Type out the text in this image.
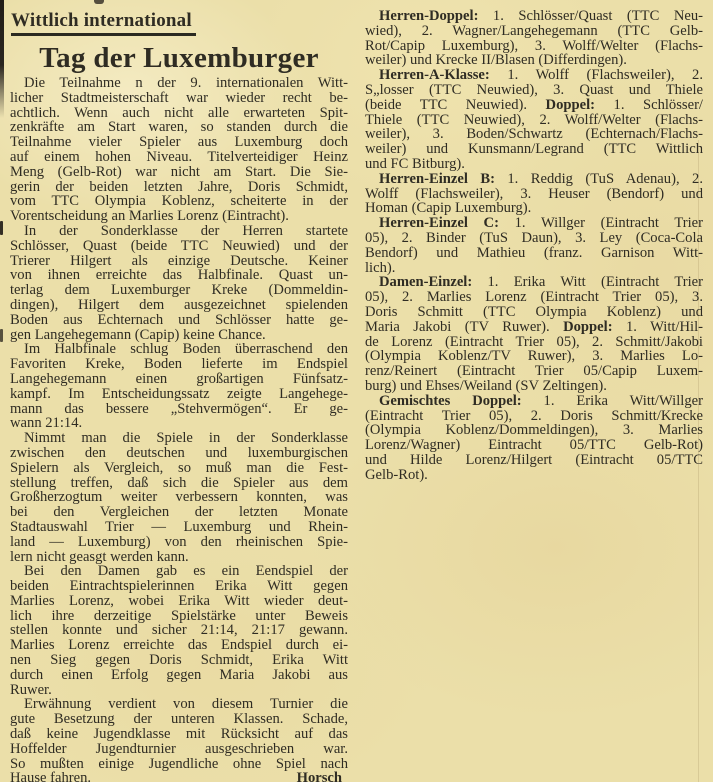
Wittlich international
Tag der Luxemburger
Die Teilnahme n der 9. internationalen Witt-
licher Stadtmeisterschaft war wieder recht be-
achtlich. Wenn auch nicht alle erwarteten Spit-
zenkräfte am Start waren, so standen durch die
Teilnahme vieler Spieler aus Luxemburg doch
auf einem hohen Niveau. Titelverteidiger Heinz
Meng (Gelb-Rot) war nicht am Start. Die Sie-
gerin der beiden letzten Jahre, Doris Schmidt,
vom TTC Olympia Koblenz, scheiterte in der
Vorentscheidung an Marlies Lorenz (Eintracht).
In der Sonderklasse der Herren startete
Schlösser, Quast (beide TTC Neuwied) und der
Trierer Hilgert als einzige Deutsche. Keiner
von ihnen erreichte das Halbfinale. Quast un-
terlag dem Luxemburger Kreke (Dommeldin-
dingen), Hilgert dem ausgezeichnet spielenden
Boden aus Echternach und Schlösser hatte ge-
gen Langehegemann (Capip) keine Chance.
Im Halbfinale schlug Boden überraschend den
Favoriten Kreke, Boden lieferte im Endspiel
Langehegemann einen großartigen Fünfsatz-
kampf. Im Entscheidungssatz zeigte Langehege-
mann das bessere „Stehvermögen“. Er ge-
wann 21:14.
Nimmt man die Spiele in der Sonderklasse
zwischen den deutschen und luxemburgischen
Spielern als Vergleich, so muß man die Fest-
stellung treffen, daß sich die Spieler aus dem
Großherzogtum weiter verbessern konnten, was
bei den Vergleichen der letzten Monate
Stadtauswahl Trier — Luxemburg und Rhein-
land — Luxemburg) von den rheinischen Spie-
lern nicht geasgt werden kann.
Bei den Damen gab es ein Eendspiel der
beiden Eintrachtspielerinnen Erika Witt gegen
Marlies Lorenz, wobei Erika Witt wieder deut-
lich ihre derzeitige Spielstärke unter Beweis
stellen konnte und sicher 21:14, 21:17 gewann.
Marlies Lorenz erreichte das Endspiel durch ei-
nen Sieg gegen Doris Schmidt, Erika Witt
durch einen Erfolg gegen Maria Jakobi aus
Ruwer.
Erwähnung verdient von diesem Turnier die
gute Besetzung der unteren Klassen. Schade,
daß keine Jugendklasse mit Rücksicht auf das
Hoffelder Jugendturnier ausgeschrieben war.
So mußten einige Jugendliche ohne Spiel nach
Hause fahren.	Horsch
Herren-Doppel: 1. Schlösser/Quast (TTC Neu-
wied), 2. Wagner/Langehegemann (TTC Gelb-
Rot/Capip Luxemburg), 3. Wolff/Welter (Flachs-
weiler) und Krecke II/Blasen (Differdingen).
Herren-A-Klasse: 1. Wolff (Flachsweiler), 2.
S„losser (TTC Neuwied), 3. Quast und Thiele
(beide TTC Neuwied). Doppel: 1. Schlösser/
Thiele (TTC Neuwied), 2. Wolff/Welter (Flachs-
weiler), 3. Boden/Schwartz (Echternach/Flachs-
weiler) und Kunsmann/Legrand (TTC Wittlich
und FC Bitburg).
Herren-Einzel B: 1. Reddig (TuS Adenau), 2.
Wolff (Flachsweiler), 3. Heuser (Bendorf) und
Homan (Capip Luxemburg).
Herren-Einzel C: 1. Willger (Eintracht Trier
05), 2. Binder (TuS Daun), 3. Ley (Coca-Cola
Bendorf) und Mathieu (franz. Garnison Witt-
lich).
Damen-Einzel: 1. Erika Witt (Eintracht Trier
05), 2. Marlies Lorenz (Eintracht Trier 05), 3.
Doris Schmitt (TTC Olympia Koblenz) und
Maria Jakobi (TV Ruwer). Doppel: 1. Witt/Hil-
de Lorenz (Eintracht Trier 05), 2. Schmitt/Jakobi
(Olympia Koblenz/TV Ruwer), 3. Marlies Lo-
renz/Reinert (Eintracht Trier 05/Capip Luxem-
burg) und Ehses/Weiland (SV Zeltingen).
Gemischtes Doppel: 1. Erika Witt/Willger
(Eintracht Trier 05), 2. Doris Schmitt/Krecke
(Olympia Koblenz/Dommeldingen), 3. Marlies
Lorenz/Wagner) Eintracht 05/TTC Gelb-Rot)
und Hilde Lorenz/Hilgert (Eintracht 05/TTC
Gelb-Rot).
